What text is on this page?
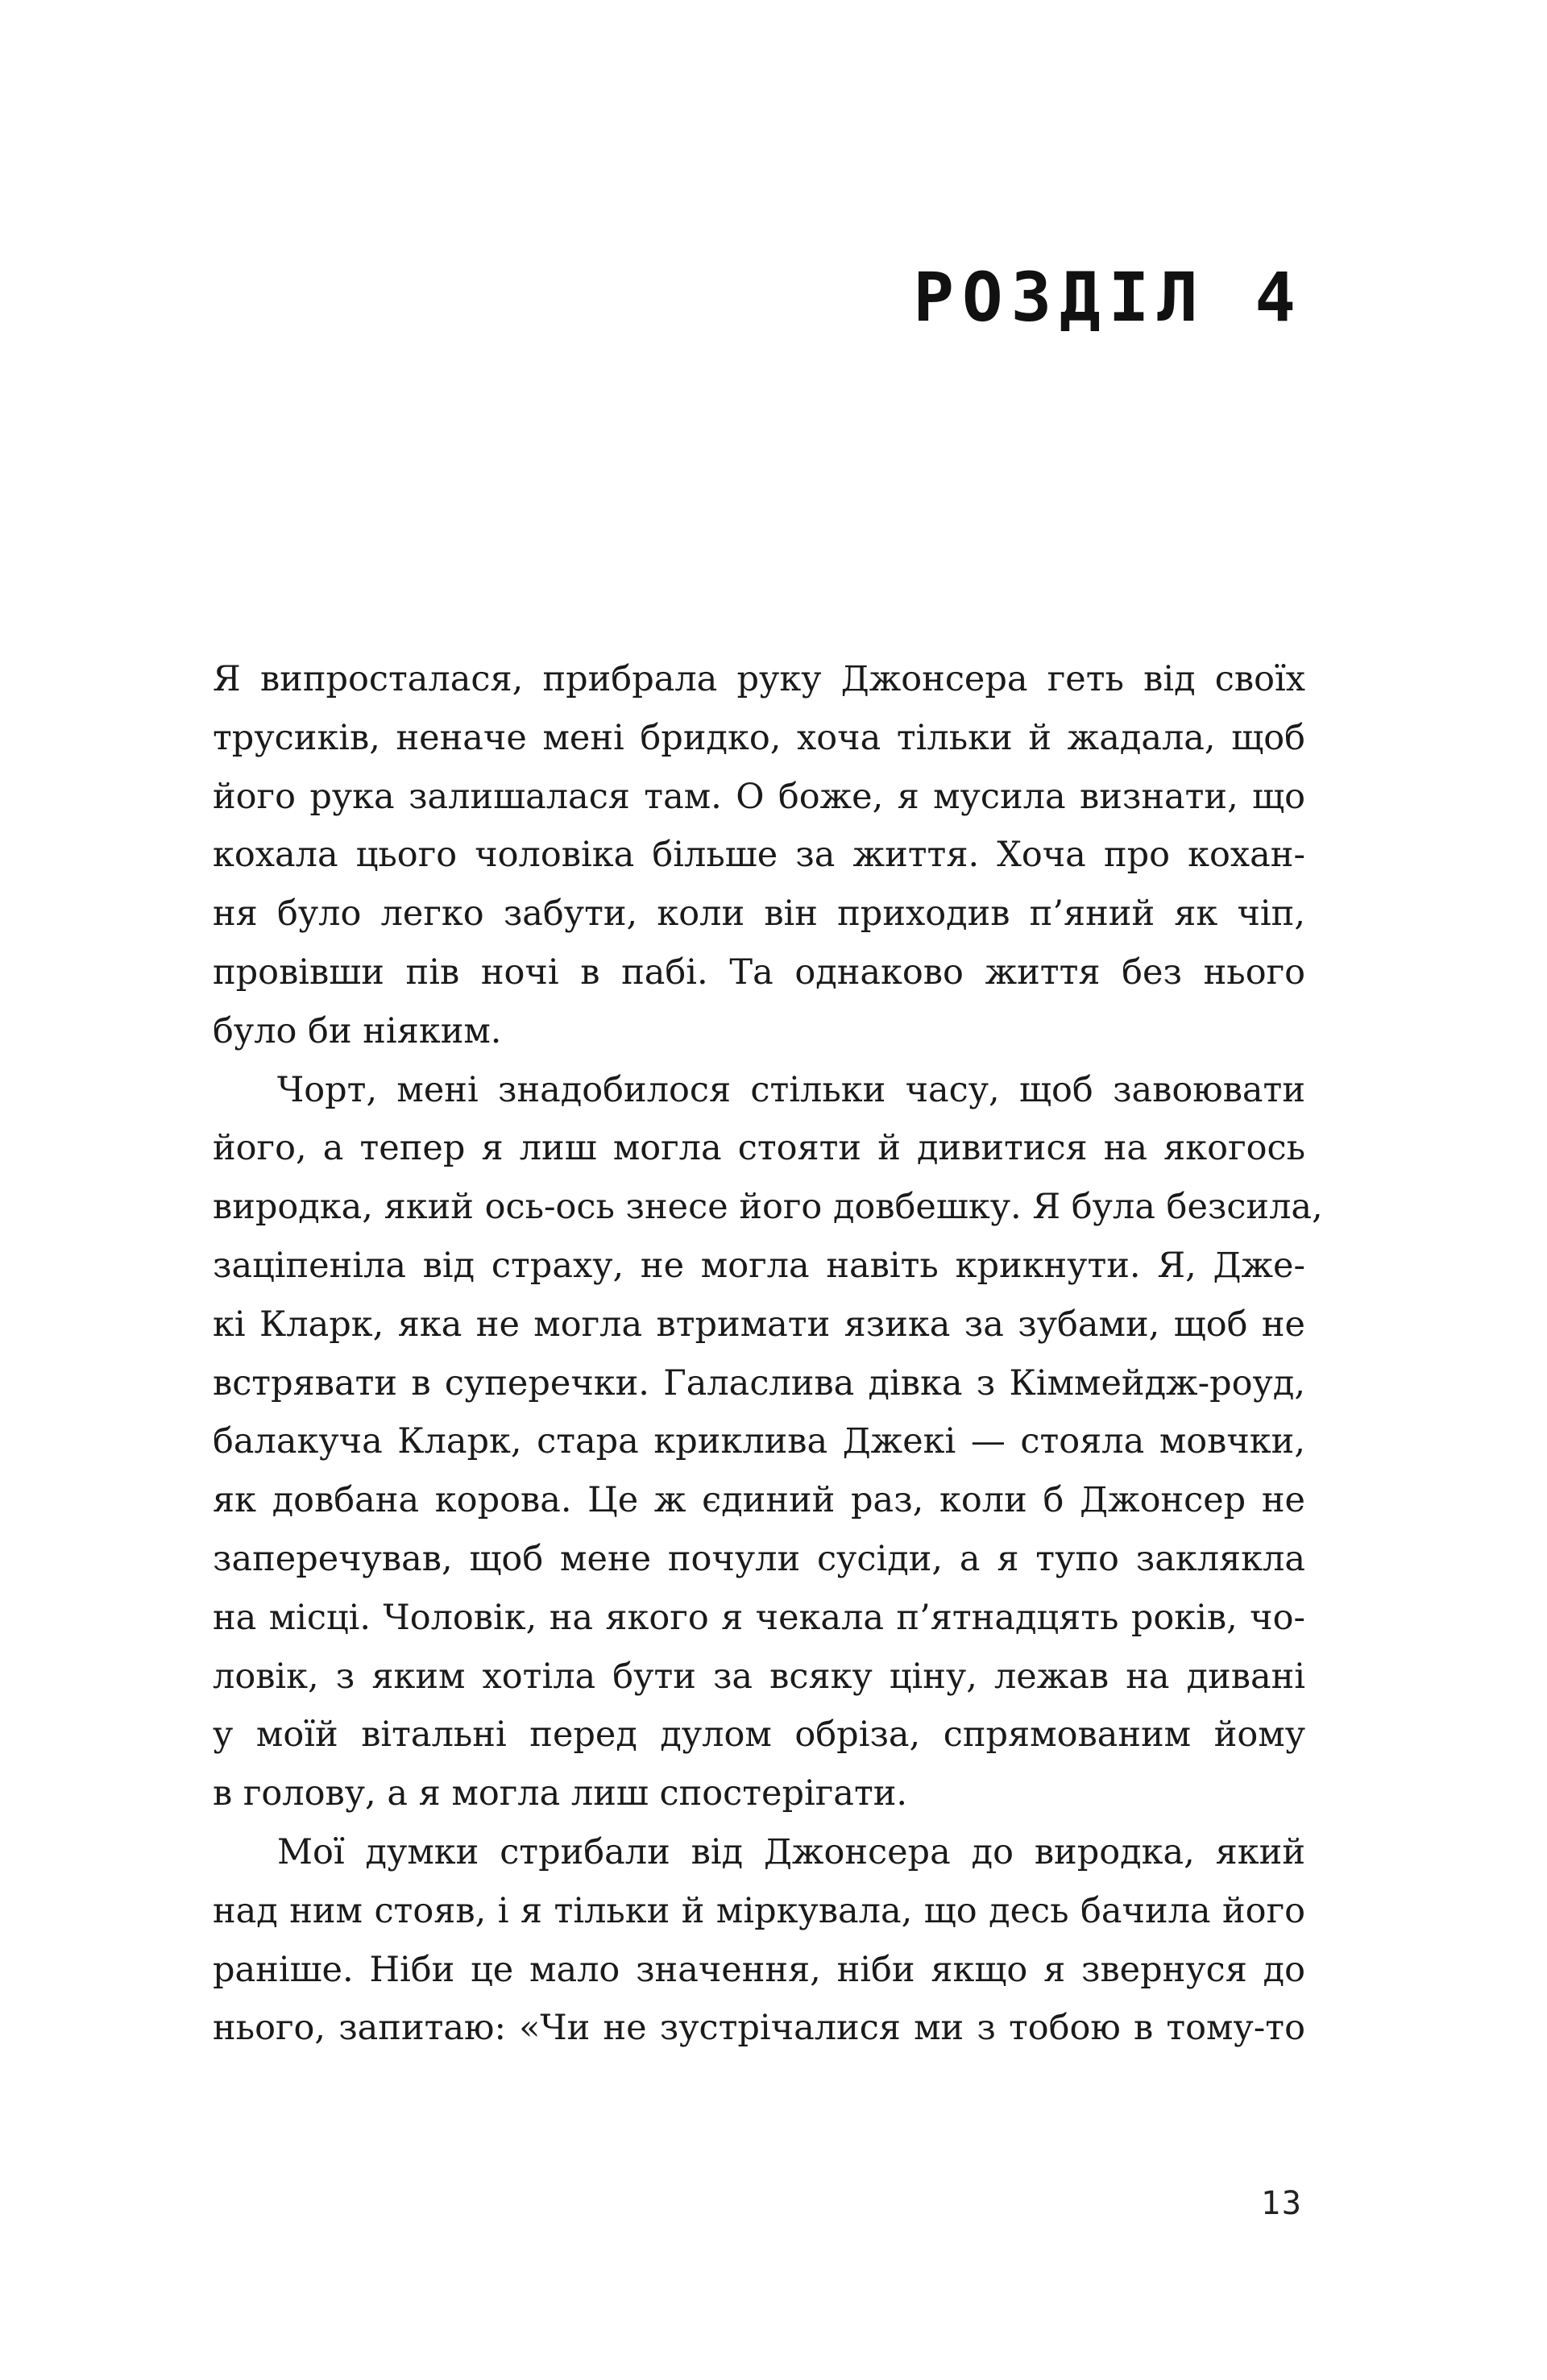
РОЗДІЛ 4
Я випросталася, прибрала руку Джонсера геть від своїх
трусиків, неначе мені бридко, хоча тільки й жадала, щоб
його рука залишалася там. О боже, я мусила визнати, що
кохала цього чоловіка більше за життя. Хоча про кохан-
ня було легко забути, коли він приходив п’яний як чіп,
провівши пів ночі в пабі. Та однаково життя без нього
було би ніяким.
Чорт, мені знадобилося стільки часу, щоб завоювати
його, а тепер я лиш могла стояти й дивитися на якогось
виродка, який ось-ось знесе його довбешку. Я була безсила,
заціпеніла від страху, не могла навіть крикнути. Я, Дже-
кі Кларк, яка не могла втримати язика за зубами, щоб не
встрявати в суперечки. Галаслива дівка з Кіммейдж-роуд,
балакуча Кларк, стара криклива Джекі — стояла мовчки,
як довбана корова. Це ж єдиний раз, коли б Джонсер не
заперечував, щоб мене почули сусіди, а я тупо заклякла
на місці. Чоловік, на якого я чекала п’ятнадцять років, чо-
ловік, з яким хотіла бути за всяку ціну, лежав на дивані
у моїй вітальні перед дулом обріза, спрямованим йому
в голову, а я могла лиш спостерігати.
Мої думки стрибали від Джонсера до виродка, який
над ним стояв, і я тільки й міркувала, що десь бачила його
раніше. Ніби це мало значення, ніби якщо я звернуся до
нього, запитаю: «Чи не зустрічалися ми з тобою в тому-то
13
